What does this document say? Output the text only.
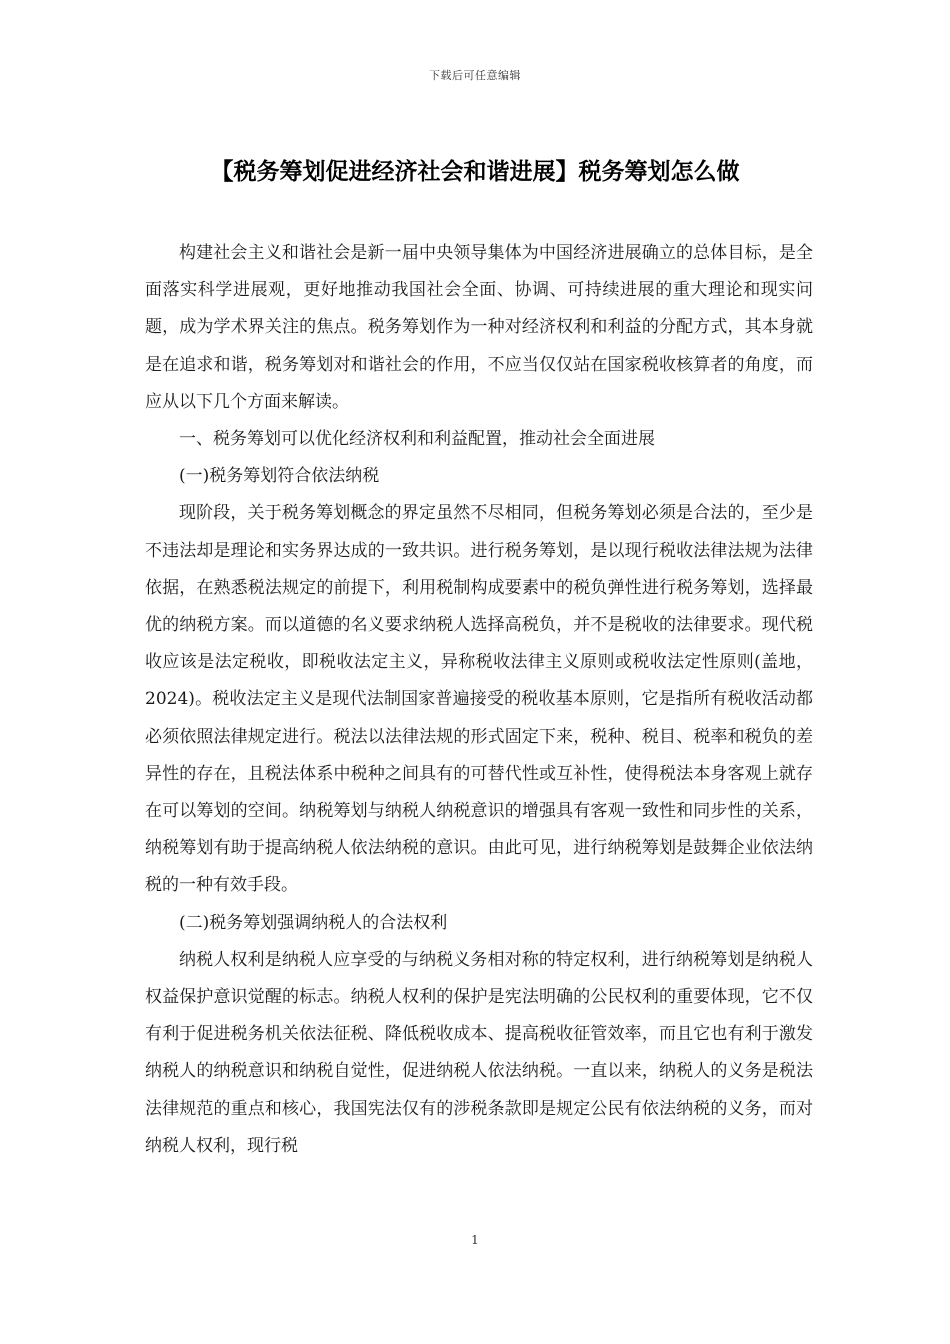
下载后可任意编辑
【税务筹划促进经济社会和谐进展】税务筹划怎么做

构建社会主义和谐社会是新一届中央领导集体为中国经济进展确立的总体目标，是全面落实科学进展观，更好地推动我国社会全面、协调、可持续进展的重大理论和现实问题，成为学术界关注的焦点。税务筹划作为一种对经济权利和利益的分配方式，其本身就是在追求和谐，税务筹划对和谐社会的作用，不应当仅仅站在国家税收核算者的角度，而应从以下几个方面来解读。

一、税务筹划可以优化经济权利和利益配置，推动社会全面进展

(一)税务筹划符合依法纳税

现阶段，关于税务筹划概念的界定虽然不尽相同，但税务筹划必须是合法的，至少是不违法却是理论和实务界达成的一致共识。进行税务筹划，是以现行税收法律法规为法律依据，在熟悉税法规定的前提下，利用税制构成要素中的税负弹性进行税务筹划，选择最优的纳税方案。而以道德的名义要求纳税人选择高税负，并不是税收的法律要求。现代税收应该是法定税收，即税收法定主义，异称税收法律主义原则或税收法定性原则(盖地，2024)。税收法定主义是现代法制国家普遍接受的税收基本原则，它是指所有税收活动都必须依照法律规定进行。税法以法律法规的形式固定下来，税种、税目、税率和税负的差异性的存在，且税法体系中税种之间具有的可替代性或互补性，使得税法本身客观上就存在可以筹划的空间。纳税筹划与纳税人纳税意识的增强具有客观一致性和同步性的关系，纳税筹划有助于提高纳税人依法纳税的意识。由此可见，进行纳税筹划是鼓舞企业依法纳税的一种有效手段。

(二)税务筹划强调纳税人的合法权利

纳税人权利是纳税人应享受的与纳税义务相对称的特定权利，进行纳税筹划是纳税人权益保护意识觉醒的标志。纳税人权利的保护是宪法明确的公民权利的重要体现，它不仅有利于促进税务机关依法征税、降低税收成本、提高税收征管效率，而且它也有利于激发纳税人的纳税意识和纳税自觉性，促进纳税人依法纳税。一直以来，纳税人的义务是税法法律规范的重点和核心，我国宪法仅有的涉税条款即是规定公民有依法纳税的义务，而对纳税人权利，现行税

1
